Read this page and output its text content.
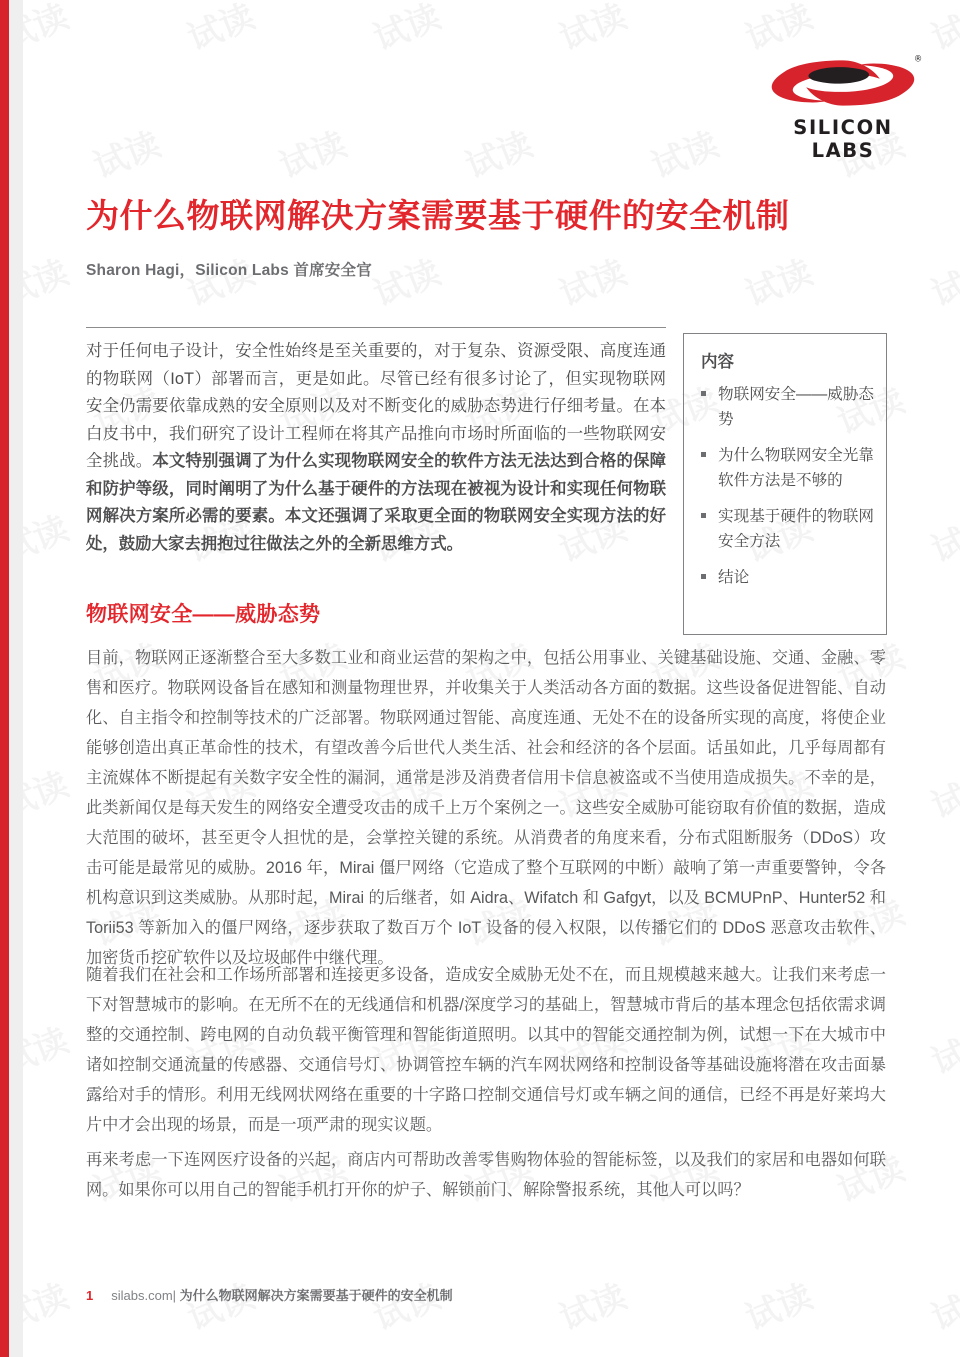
®
SILICON LABS
为什么物联网解决方案需要基于硬件的安全机制
Sharon Hagi，Silicon Labs 首席安全官
对于任何电子设计，安全性始终是至关重要的，对于复杂、资源受限、高度连通的物联网（IoT）部署而言，更是如此。尽管已经有很多讨论了，但实现物联网安全仍需要依靠成熟的安全原则以及对不断变化的威胁态势进行仔细考量。在本白皮书中，我们研究了设计工程师在将其产品推向市场时所面临的一些物联网安全挑战。本文特别强调了为什么实现物联网安全的软件方法无法达到合格的保障和防护等级，同时阐明了为什么基于硬件的方法现在被视为设计和实现任何物联网解决方案所必需的要素。本文还强调了采取更全面的物联网安全实现方法的好处，鼓励大家去拥抱过往做法之外的全新思维方式。
内容
物联网安全——威胁态势
为什么物联网安全光靠软件方法是不够的
实现基于硬件的物联网安全方法
结论
物联网安全——威胁态势
目前，物联网正逐渐整合至大多数工业和商业运营的架构之中，包括公用事业、关键基础设施、交通、金融、零售和医疗。物联网设备旨在感知和测量物理世界，并收集关于人类活动各方面的数据。这些设备促进智能、自动化、自主指令和控制等技术的广泛部署。物联网通过智能、高度连通、无处不在的设备所实现的高度，将使企业能够创造出真正革命性的技术，有望改善今后世代人类生活、社会和经济的各个层面。话虽如此，几乎每周都有主流媒体不断提起有关数字安全性的漏洞，通常是涉及消费者信用卡信息被盗或不当使用造成损失。不幸的是，此类新闻仅是每天发生的网络安全遭受攻击的成千上万个案例之一。这些安全威胁可能窃取有价值的数据，造成大范围的破坏，甚至更令人担忧的是，会掌控关键的系统。从消费者的角度来看，分布式阻断服务（DDoS）攻击可能是最常见的威胁。2016 年，Mirai 僵尸网络（它造成了整个互联网的中断）敲响了第一声重要警钟，令各机构意识到这类威胁。从那时起，Mirai 的后继者，如 Aidra、Wifatch 和 Gafgyt，以及 BCMUPnP、Hunter52 和 Torii53 等新加入的僵尸网络，逐步获取了数百万个 IoT 设备的侵入权限，以传播它们的 DDoS 恶意攻击软件、加密货币挖矿软件以及垃圾邮件中继代理。
随着我们在社会和工作场所部署和连接更多设备，造成安全威胁无处不在，而且规模越来越大。让我们来考虑一下对智慧城市的影响。在无所不在的无线通信和机器/深度学习的基础上，智慧城市背后的基本理念包括依需求调整的交通控制、跨电网的自动负载平衡管理和智能街道照明。以其中的智能交通控制为例，试想一下在大城市中诸如控制交通流量的传感器、交通信号灯、协调管控车辆的汽车网状网络和控制设备等基础设施将潜在攻击面暴露给对手的情形。利用无线网状网络在重要的十字路口控制交通信号灯或车辆之间的通信，已经不再是好莱坞大片中才会出现的场景，而是一项严肃的现实议题。
再来考虑一下连网医疗设备的兴起，商店内可帮助改善零售购物体验的智能标签，以及我们的家居和电器如何联网。如果你可以用自己的智能手机打开你的炉子、解锁前门、解除警报系统，其他人可以吗？
1 silabs.com| 为什么物联网解决方案需要基于硬件的安全机制
